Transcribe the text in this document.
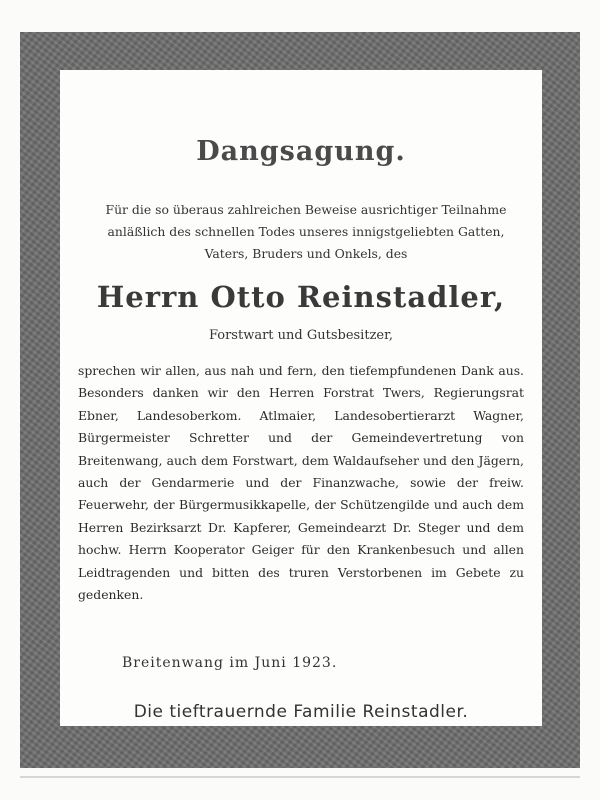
Dangsagung.

Für die so überaus zahlreichen Beweise ausrichtiger Teilnahme anläßlich des schnellen Todes unseres innigstgeliebten Gatten, Vaters, Bruders und Onkels, des

Herrn Otto Reinstadler,

Forstwart und Gutsbesitzer,

sprechen wir allen, aus nah und fern, den tiefempfundenen Dank aus. Besonders danken wir den Herren Forstrat Twers, Regierungsrat Ebner, Landesoberkom. Atlmaier, Landesobertierarzt Wagner, Bürgermeister Schretter und der Gemeindevertretung von Breitenwang, auch dem Forstwart, dem Waldaufseher und den Jägern, auch der Gendarmerie und der Finanzwache, sowie der freiw. Feuerwehr, der Bürgermusikkapelle, der Schützengilde und auch dem Herren Bezirksarzt Dr. Kapferer, Gemeindearzt Dr. Steger und dem hochw. Herrn Kooperator Geiger für den Krankenbesuch und allen Leidtragenden und bitten des truren Verstorbenen im Gebete zu gedenken.

Breitenwang im Juni 1923.

Die tieftrauernde Familie Reinstadler.
